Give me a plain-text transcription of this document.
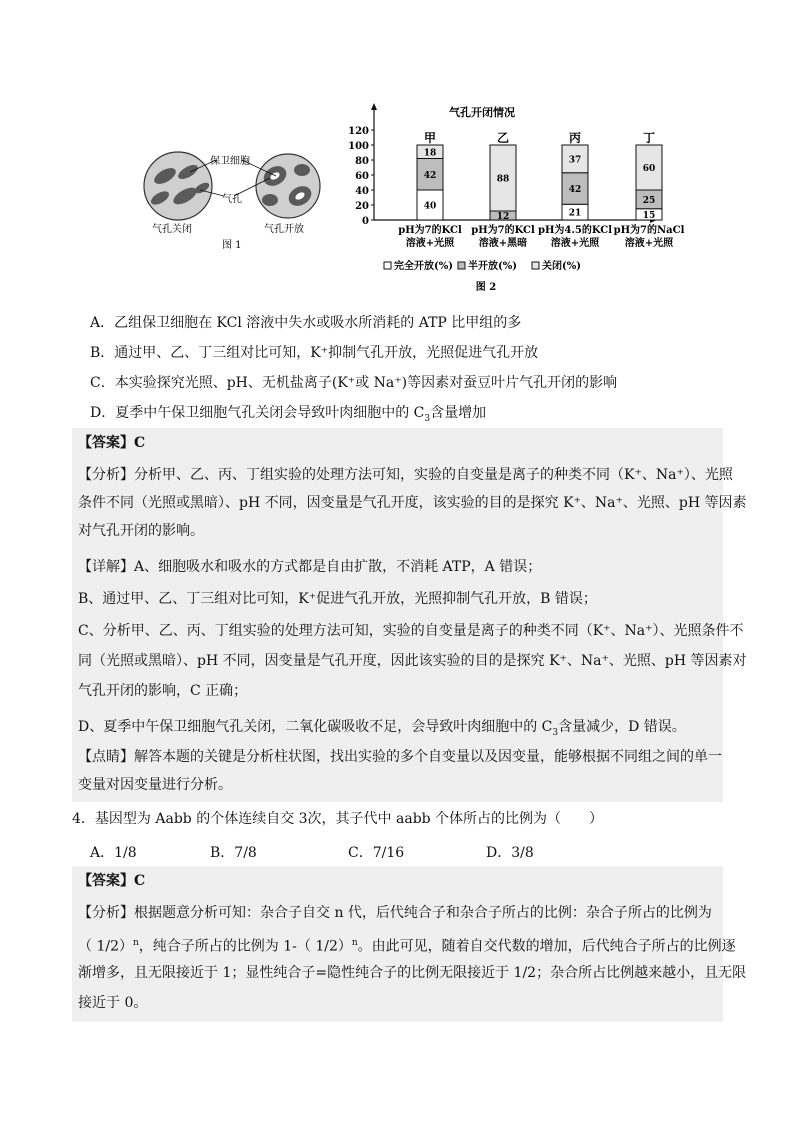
保卫细胞
气孔
气孔关闭	气孔开放
图 1
气孔开闭情况
0
20
40
60
80
100
120
40
42
18
甲
pH为7的KCl
溶液+光照
12
88
乙
pH为7的KCl
溶液+黑暗
21
42
37
丙
pH为4.5的KCl
溶液+光照
15
25
60
丁
pH为7的NaCl
溶液+光照
完全开放(%) 半开放(%)	关闭(%)
图 2
A．乙组保卫细胞在 KCl 溶液中失水或吸水所消耗的 ATP 比甲组的多
B．通过甲、乙、丁三组对比可知，K⁺抑制气孔开放，光照促进气孔开放
C．本实验探究光照、pH、无机盐离子(K⁺或 Na⁺)等因素对蚕豆叶片气孔开闭的影响
D．夏季中午保卫细胞气孔关闭会导致叶肉细胞中的 $C_3$含量增加
【答案】C
【分析】分析甲、乙、丙、丁组实验的处理方法可知，实验的自变量是离子的种类不同（K⁺、Na⁺）、光照
条件不同（光照或黑暗）、pH 不同，因变量是气孔开度，该实验的目的是探究 K⁺、Na⁺、光照、pH 等因素
对气孔开闭的影响。
【详解】A、细胞吸水和吸水的方式都是自由扩散，不消耗 ATP，A 错误；
B、通过甲、乙、丁三组对比可知，K⁺促进气孔开放，光照抑制气孔开放，B 错误；
C、分析甲、乙、丙、丁组实验的处理方法可知，实验的自变量是离子的种类不同（K⁺、Na⁺）、光照条件不
同（光照或黑暗）、pH 不同，因变量是气孔开度，因此该实验的目的是探究 K⁺、Na⁺、光照、pH 等因素对
气孔开闭的影响，C 正确；
D、夏季中午保卫细胞气孔关闭，二氧化碳吸收不足，会导致叶肉细胞中的 $C_3$含量减少，D 错误。
【点睛】解答本题的关键是分析柱状图，找出实验的多个自变量以及因变量，能够根据不同组之间的单一
变量对因变量进行分析。
4．基因型为 Aabb 的个体连续自交 3次，其子代中 aabb 个体所占的比例为（　　）
A．1/8	B．7/8	C．7/16	D．3/8
【答案】C
【分析】根据题意分析可知：杂合子自交 n 代，后代纯合子和杂合子所占的比例：杂合子所占的比例为
（ 1/2）$^n$，纯合子所占的比例为 1-（ 1/2）$^n$。由此可见，随着自交代数的增加，后代纯合子所占的比例逐
渐增多，且无限接近于 1；显性纯合子=隐性纯合子的比例无限接近于 1/2；杂合所占比例越来越小，且无限
接近于 0。
